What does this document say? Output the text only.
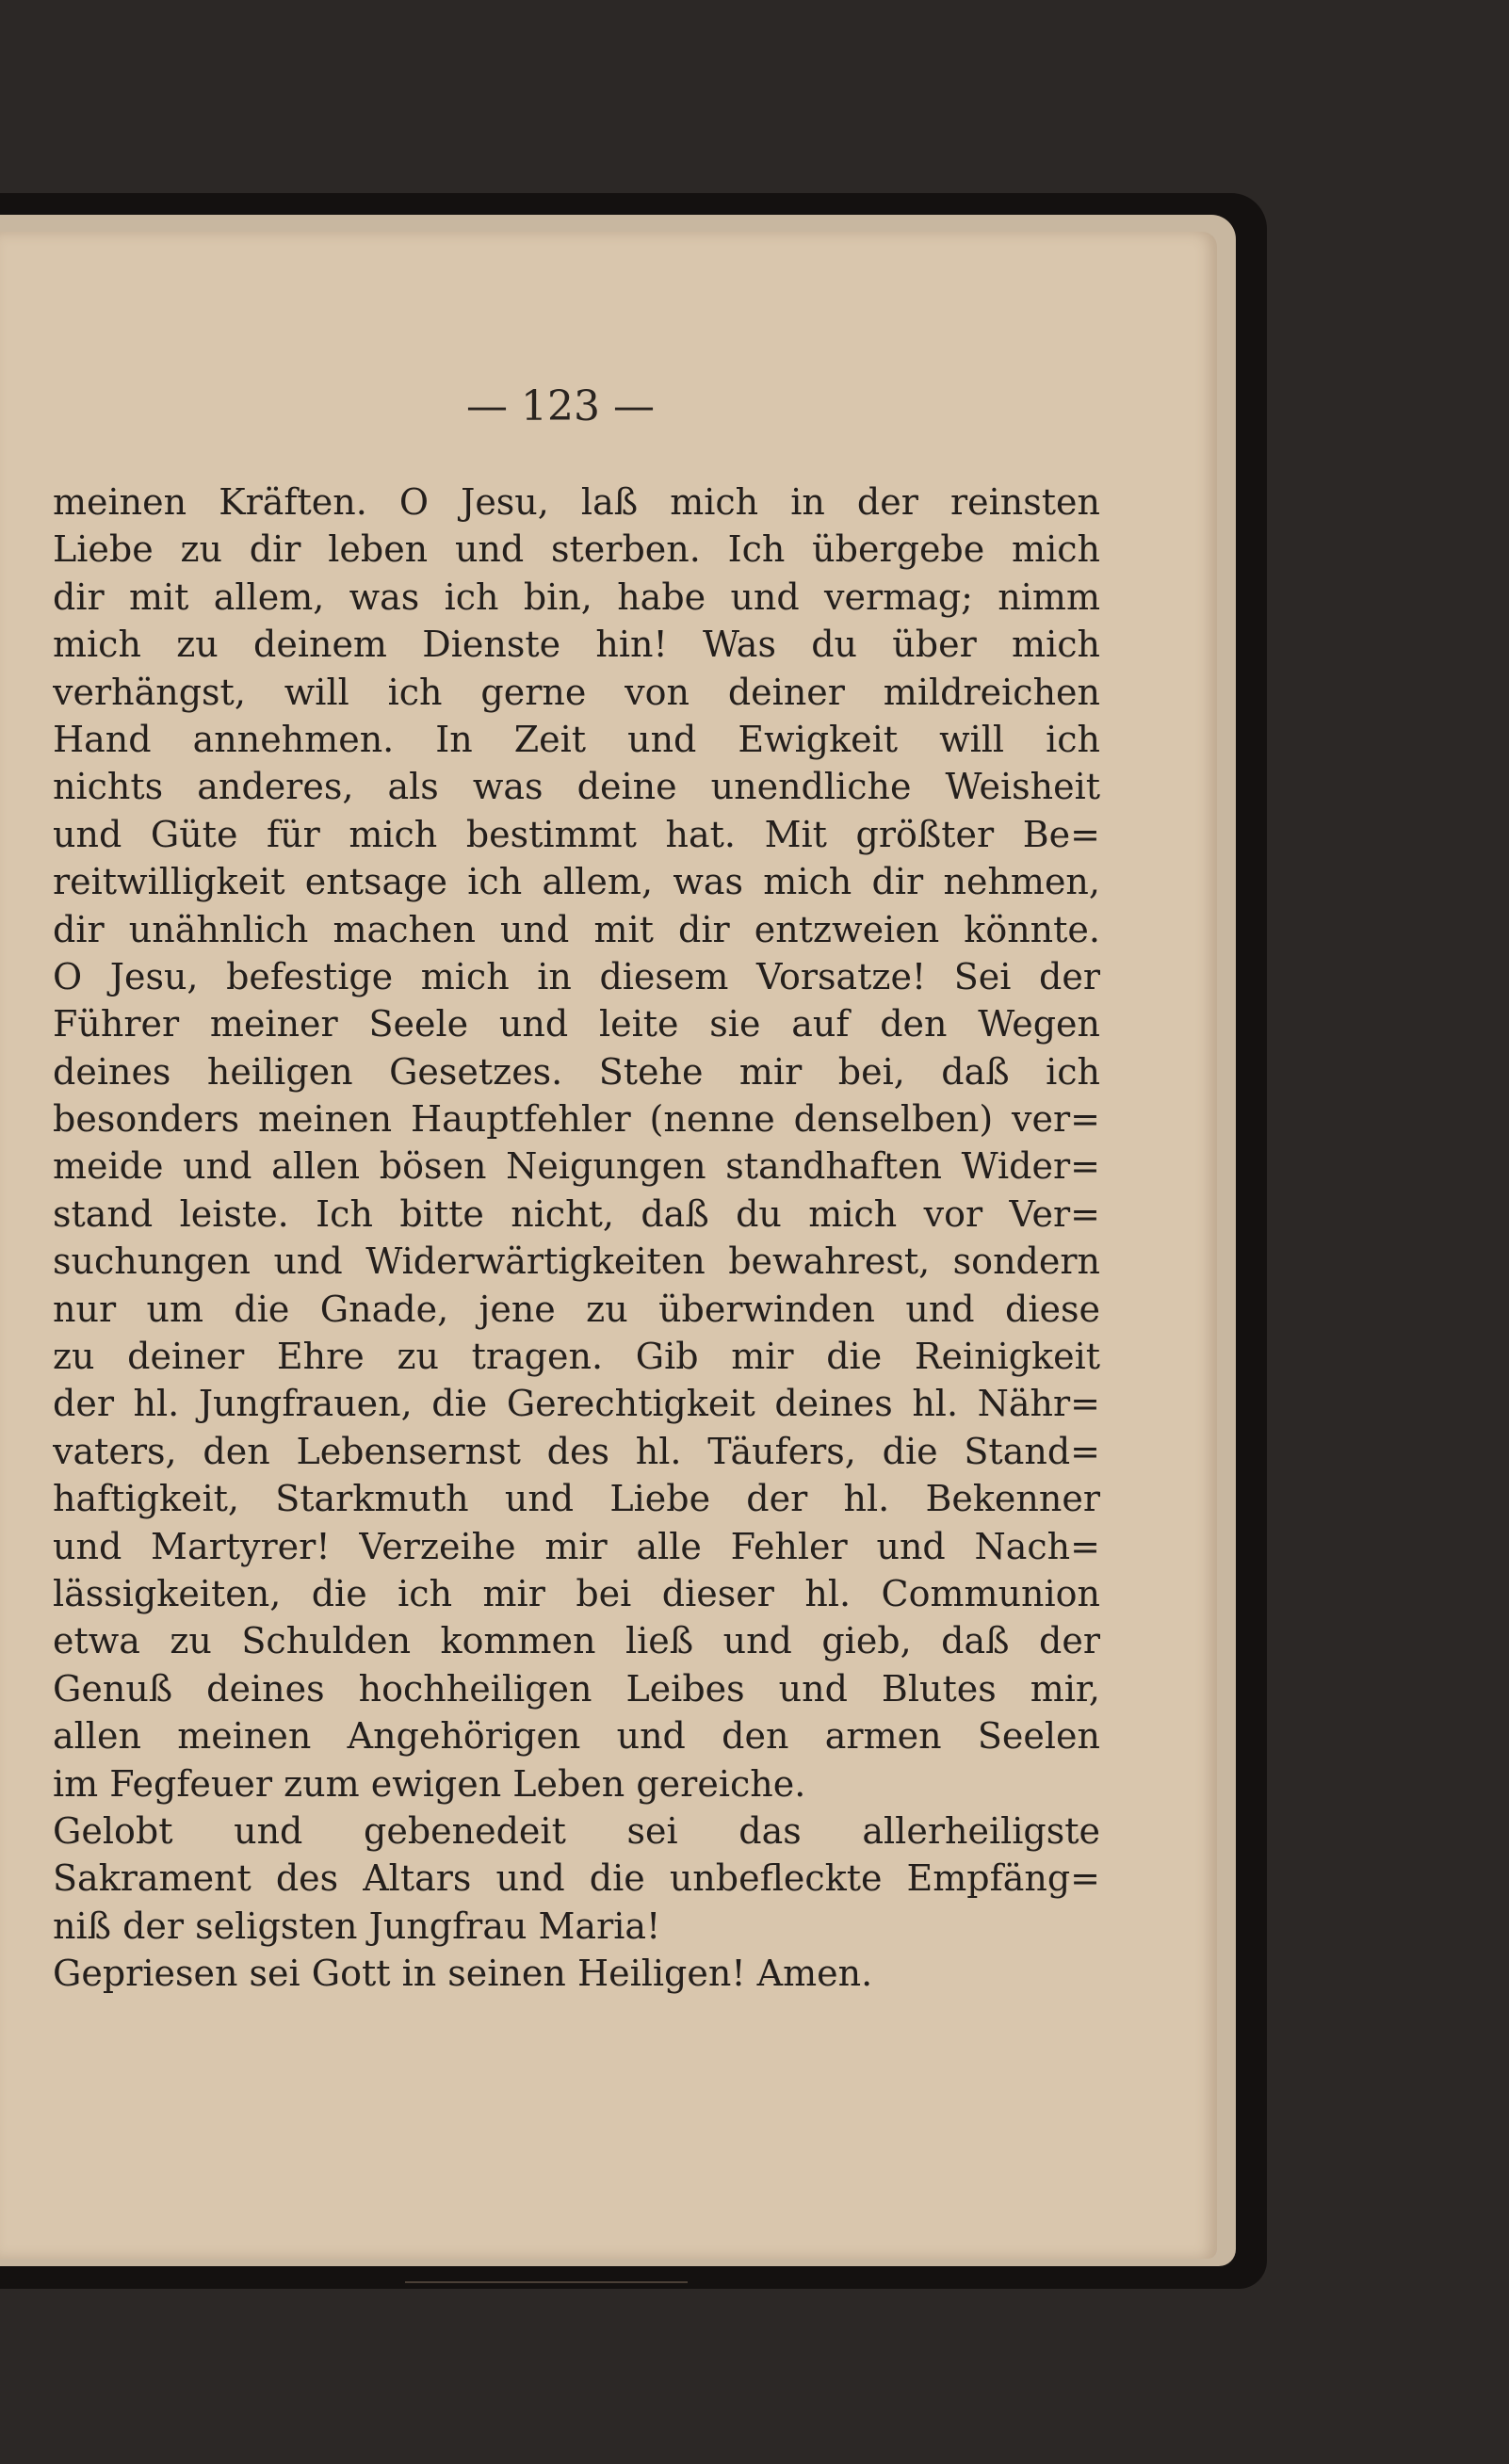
— 123 —

meinen Kräften. O Jesu, laß mich in der reinsten
Liebe zu dir leben und sterben. Ich übergebe mich
dir mit allem, was ich bin, habe und vermag; nimm
mich zu deinem Dienste hin! Was du über mich
verhängst, will ich gerne von deiner mildreichen
Hand annehmen. In Zeit und Ewigkeit will ich
nichts anderes, als was deine unendliche Weisheit
und Güte für mich bestimmt hat. Mit größter Be=
reitwilligkeit entsage ich allem, was mich dir nehmen,
dir unähnlich machen und mit dir entzweien könnte.
O Jesu, befestige mich in diesem Vorsatze! Sei der
Führer meiner Seele und leite sie auf den Wegen
deines heiligen Gesetzes. Stehe mir bei, daß ich
besonders meinen Hauptfehler (nenne denselben) ver=
meide und allen bösen Neigungen standhaften Wider=
stand leiste. Ich bitte nicht, daß du mich vor Ver=
suchungen und Widerwärtigkeiten bewahrest, sondern
nur um die Gnade, jene zu überwinden und diese
zu deiner Ehre zu tragen. Gib mir die Reinigkeit
der hl. Jungfrauen, die Gerechtigkeit deines hl. Nähr=
vaters, den Lebensernst des hl. Täufers, die Stand=
haftigkeit, Starkmuth und Liebe der hl. Bekenner
und Martyrer! Verzeihe mir alle Fehler und Nach=
lässigkeiten, die ich mir bei dieser hl. Communion
etwa zu Schulden kommen ließ und gieb, daß der
Genuß deines hochheiligen Leibes und Blutes mir,
allen meinen Angehörigen und den armen Seelen
im Fegfeuer zum ewigen Leben gereiche.
Gelobt und gebenedeit sei das allerheiligste
Sakrament des Altars und die unbefleckte Empfäng=
niß der seligsten Jungfrau Maria!
Gepriesen sei Gott in seinen Heiligen! Amen.
